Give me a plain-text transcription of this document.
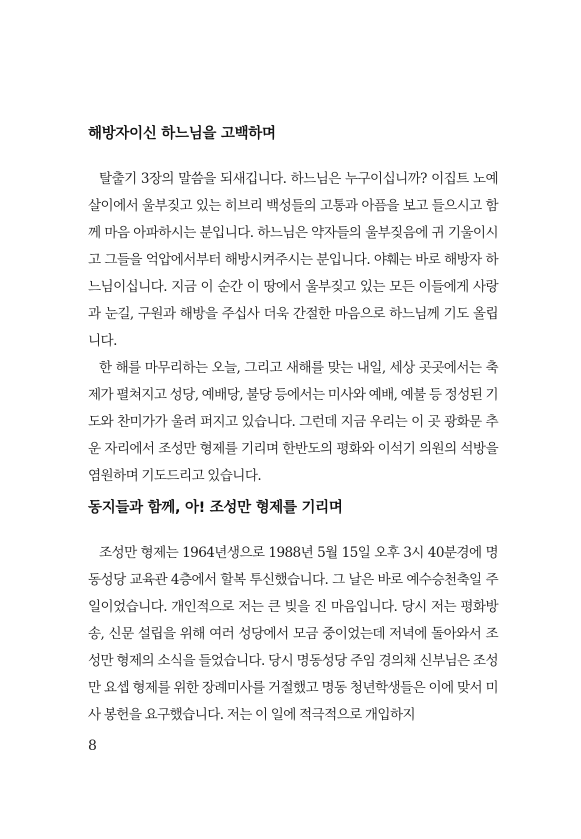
해방자이신 하느님을 고백하며

탈출기 3장의 말씀을 되새깁니다. 하느님은 누구이십니까? 이집트 노예살이에서 울부짖고 있는 히브리 백성들의 고통과 아픔을 보고 들으시고 함께 마음 아파하시는 분입니다. 하느님은 약자들의 울부짖음에 귀 기울이시고 그들을 억압에서부터 해방시켜주시는 분입니다. 야훼는 바로 해방자 하느님이십니다. 지금 이 순간 이 땅에서 울부짖고 있는 모든 이들에게 사랑과 눈길, 구원과 해방을 주십사 더욱 간절한 마음으로 하느님께 기도 올립니다.

한 해를 마무리하는 오늘, 그리고 새해를 맞는 내일, 세상 곳곳에서는 축제가 펼쳐지고 성당, 예배당, 불당 등에서는 미사와 예배, 예불 등 정성된 기도와 찬미가가 울려 퍼지고 있습니다. 그런데 지금 우리는 이 곳 광화문 추운 자리에서 조성만 형제를 기리며 한반도의 평화와 이석기 의원의 석방을 염원하며 기도드리고 있습니다.

동지들과 함께, 아! 조성만 형제를 기리며

조성만 형제는 1964년생으로 1988년 5월 15일 오후 3시 40분경에 명동성당 교육관 4층에서 할복 투신했습니다. 그 날은 바로 예수승천축일 주일이었습니다. 개인적으로 저는 큰 빚을 진 마음입니다. 당시 저는 평화방송, 신문 설립을 위해 여러 성당에서 모금 중이었는데 저녁에 돌아와서 조성만 형제의 소식을 들었습니다. 당시 명동성당 주임 경의채 신부님은 조성만 요셉 형제를 위한 장례미사를 거절했고 명동 청년학생들은 이에 맞서 미사 봉헌을 요구했습니다. 저는 이 일에 적극적으로 개입하지

8
